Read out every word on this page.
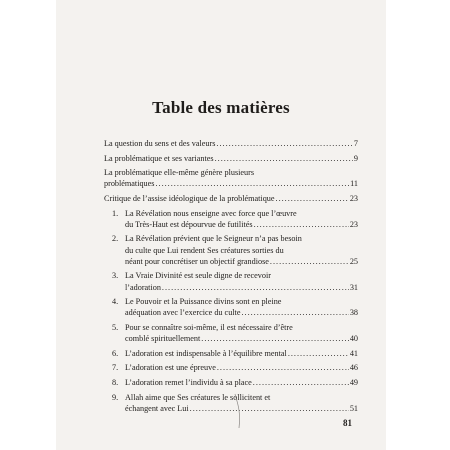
Table des matières
La question du sens et des valeurs .....	7
La problématique et ses variantes .....	9
La problématique elle-même génère plusieurs
problématiques .....	11
Critique de l’assise idéologique de la problématique .....	23
1. La Révélation nous enseigne avec force que l’œuvre
du Très-Haut est dépourvue de futilités .....	23
2. La Révélation prévient que le Seigneur n’a pas besoin
du culte que Lui rendent Ses créatures sorties du
néant pour concrétiser un objectif grandiose .....	25
3. La Vraie Divinité est seule digne de recevoir
l’adoration .....	31
4. Le Pouvoir et la Puissance divins sont en pleine
adéquation avec l’exercice du culte .....	38
5. Pour se connaître soi-même, il est nécessaire d’être
comblé spirituellement .....	40
6. L’adoration est indispensable à l’équilibre mental .....	41
7. L’adoration est une épreuve .....	46
8. L’adoration remet l’individu à sa place .....	49
9. Allah aime que Ses créatures le sollicitent et
échangent avec Lui .....	51
81
